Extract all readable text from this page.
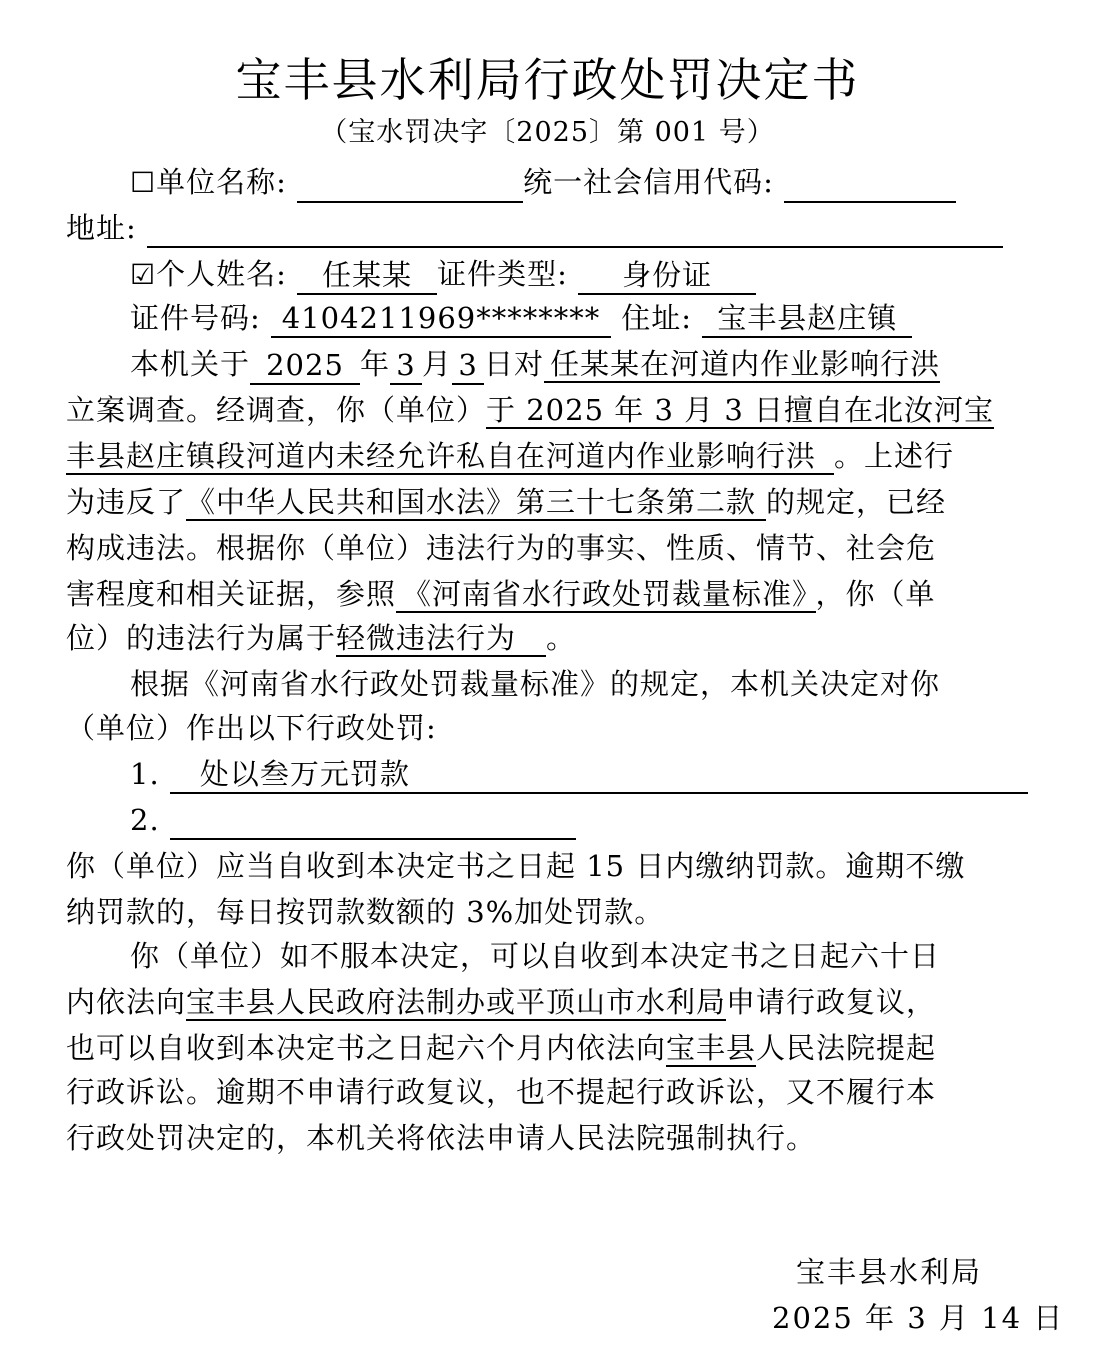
宝丰县水利局行政处罚决定书
（宝水罚决字〔2025〕第 001 号）
☐单位名称:	统一社会信用代码:
地址:
☑个人姓名: 任某某 证件类型: 身份证
证件号码: 4104211969******** 住址: 宝丰县赵庄镇
本机关于 2025 年 3 月 3 日对 任某某在河道内作业影响行洪
立案调查。经调查，你（单位）于 2025 年 3 月 3 日擅自在北汝河宝
丰县赵庄镇段河道内未经允许私自在河道内作业影响行洪 。上述行
为违反了《中华人民共和国水法》第三十七条第二款 的规定，已经
构成违法。根据你（单位）违法行为的事实、性质、情节、社会危
害程度和相关证据，参照 《河南省水行政处罚裁量标准》 ，你（单
位）的违法行为属于轻微违法行为 。
根据《河南省水行政处罚裁量标准》的规定，本机关决定对你
（单位）作出以下行政处罚:
1. 处以叁万元罚款
2.
你（单位）应当自收到本决定书之日起 15 日内缴纳罚款。逾期不缴
纳罚款的，每日按罚款数额的 3%加处罚款。
你（单位）如不服本决定，可以自收到本决定书之日起六十日
内依法向宝丰县人民政府法制办或平顶山市水利局申请行政复议，
也可以自收到本决定书之日起六个月内依法向宝丰县人民法院提起
行政诉讼。逾期不申请行政复议，也不提起行政诉讼，又不履行本
行政处罚决定的，本机关将依法申请人民法院强制执行。
宝丰县水利局
2025 年 3 月 14 日
